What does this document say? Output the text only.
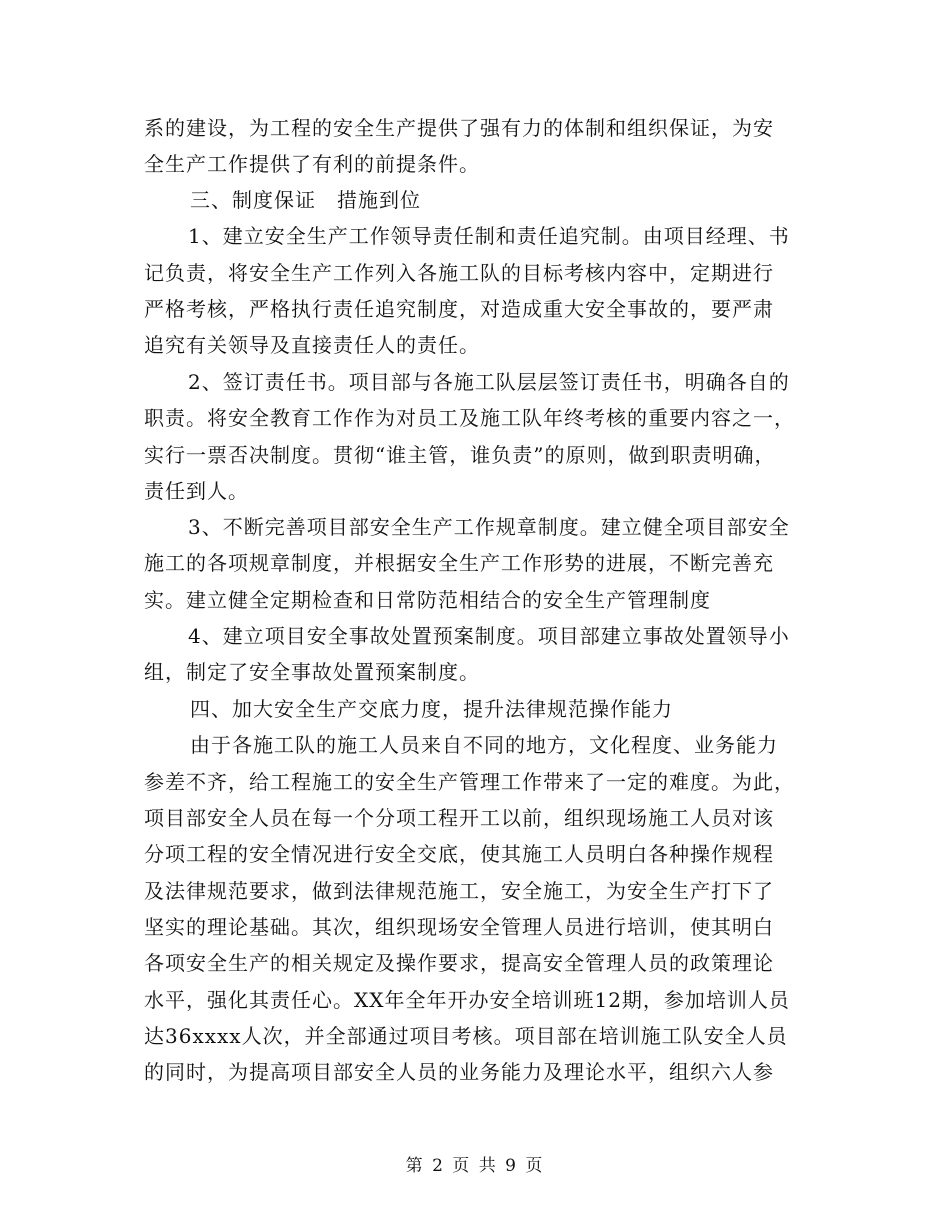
系的建设，为工程的安全生产提供了强有力的体制和组织保证，为安
全生产工作提供了有利的前提条件。
三、制度保证　措施到位
1、建立安全生产工作领导责任制和责任追究制。由项目经理、书
记负责，将安全生产工作列入各施工队的目标考核内容中，定期进行
严格考核，严格执行责任追究制度，对造成重大安全事故的，要严肃
追究有关领导及直接责任人的责任。
2、签订责任书。项目部与各施工队层层签订责任书，明确各自的
职责。将安全教育工作作为对员工及施工队年终考核的重要内容之一，
实行一票否决制度。贯彻“谁主管，谁负责”的原则，做到职责明确，
责任到人。
3、不断完善项目部安全生产工作规章制度。建立健全项目部安全
施工的各项规章制度，并根据安全生产工作形势的进展，不断完善充
实。建立健全定期检查和日常防范相结合的安全生产管理制度
4、建立项目安全事故处置预案制度。项目部建立事故处置领导小
组，制定了安全事故处置预案制度。
四、加大安全生产交底力度，提升法律规范操作能力
由于各施工队的施工人员来自不同的地方，文化程度、业务能力
参差不齐，给工程施工的安全生产管理工作带来了一定的难度。为此，
项目部安全人员在每一个分项工程开工以前，组织现场施工人员对该
分项工程的安全情况进行安全交底，使其施工人员明白各种操作规程
及法律规范要求，做到法律规范施工，安全施工，为安全生产打下了
坚实的理论基础。其次，组织现场安全管理人员进行培训，使其明白
各项安全生产的相关规定及操作要求，提高安全管理人员的政策理论
水平，强化其责任心。XX年全年开办安全培训班12期，参加培训人员
达36xxxx人次，并全部通过项目考核。项目部在培训施工队安全人员
的同时，为提高项目部安全人员的业务能力及理论水平，组织六人参
第 2 页 共 9 页
